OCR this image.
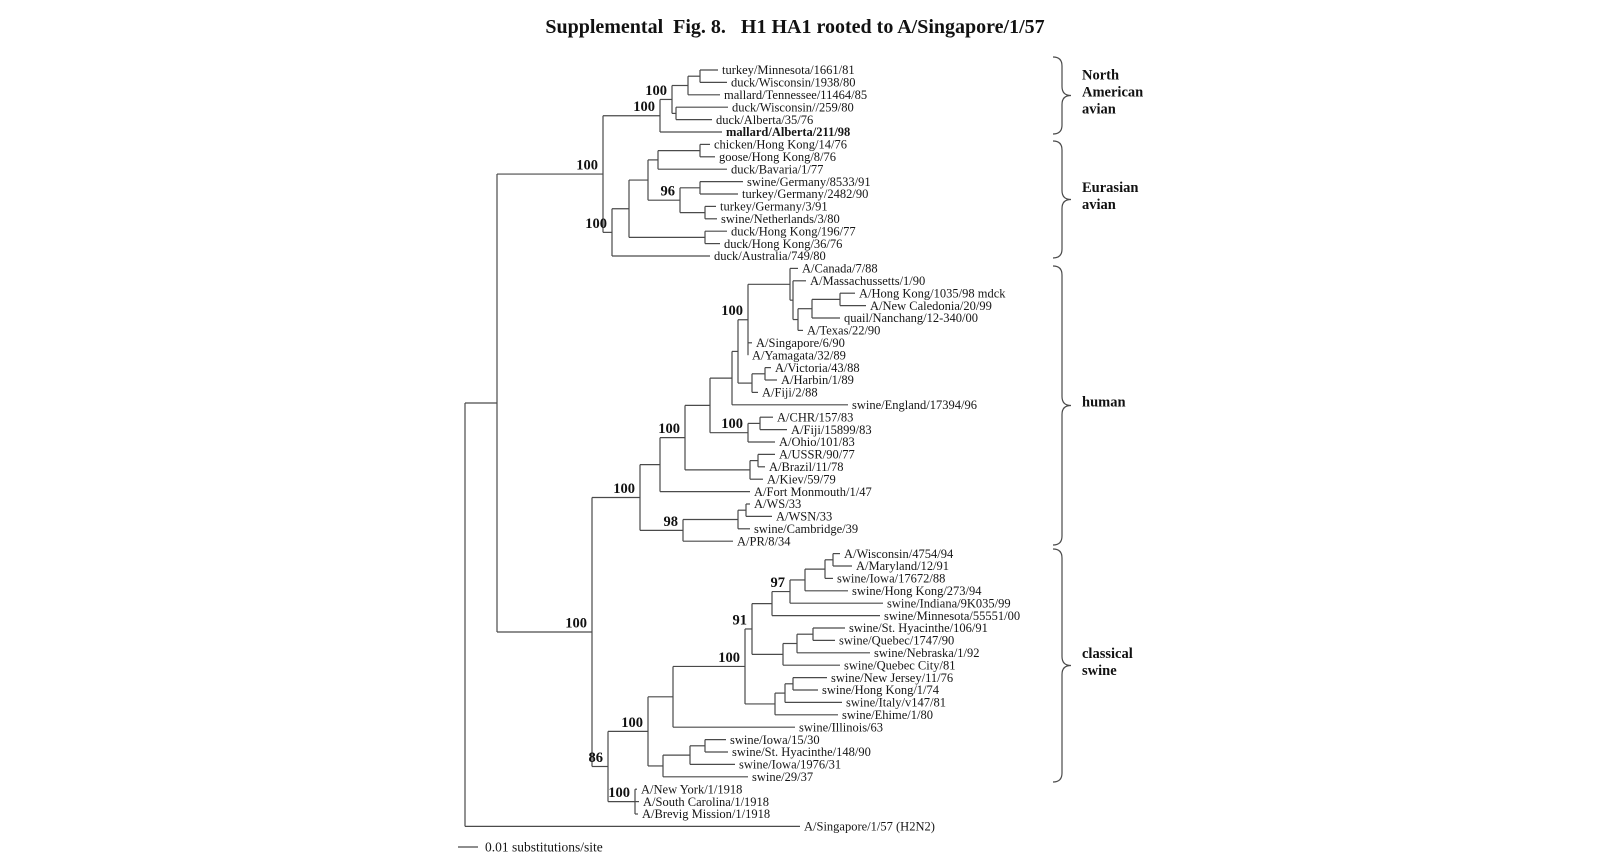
Supplemental  Fig. 8.   H1 HA1 rooted to A/Singapore/1/57
100
100
100
turkey/Minnesota/1661/81
duck/Wisconsin/1938/80
mallard/Tennessee/11464/85
duck/Wisconsin//259/80
duck/Alberta/35/76
mallard/Alberta/211/98
100
chicken/Hong Kong/14/76
goose/Hong Kong/8/76
duck/Bavaria/1/77
96
swine/Germany/8533/91
turkey/Germany/2482/90
turkey/Germany/3/91
swine/Netherlands/3/80
duck/Hong Kong/196/77
duck/Hong Kong/36/76
duck/Australia/749/80
100
100
100
100
A/Canada/7/88
A/Massachussetts/1/90
A/Hong Kong/1035/98 mdck
A/New Caledonia/20/99
quail/Nanchang/12-340/00
A/Texas/22/90
A/Singapore/6/90
A/Yamagata/32/89
A/Victoria/43/88
A/Harbin/1/89
A/Fiji/2/88
swine/England/17394/96
100	A/CHR/157/83
A/Fiji/15899/83
A/Ohio/101/83
A/USSR/90/77
A/Brazil/11/78
A/Kiev/59/79
A/Fort Monmouth/1/47
98
A/WS/33
A/WSN/33
swine/Cambridge/39
A/PR/8/34
86
100
100
91
97
A/Wisconsin/4754/94
A/Maryland/12/91
swine/Iowa/17672/88
swine/Hong Kong/273/94
swine/Indiana/9K035/99
swine/Minnesota/55551/00
swine/St. Hyacinthe/106/91
swine/Quebec/1747/90
swine/Nebraska/1/92
swine/Quebec City/81
swine/New Jersey/11/76
swine/Hong Kong/1/74
swine/Italy/v147/81
swine/Ehime/1/80
swine/Illinois/63
swine/Iowa/15/30
swine/St. Hyacinthe/148/90
swine/Iowa/1976/31
swine/29/37
100 A/New York/1/1918
A/South Carolina/1/1918
A/Brevig Mission/1/1918
A/Singapore/1/57 (H2N2)
North
American
avian
Eurasian
avian
human
classical
swine
0.01 substitutions/site
